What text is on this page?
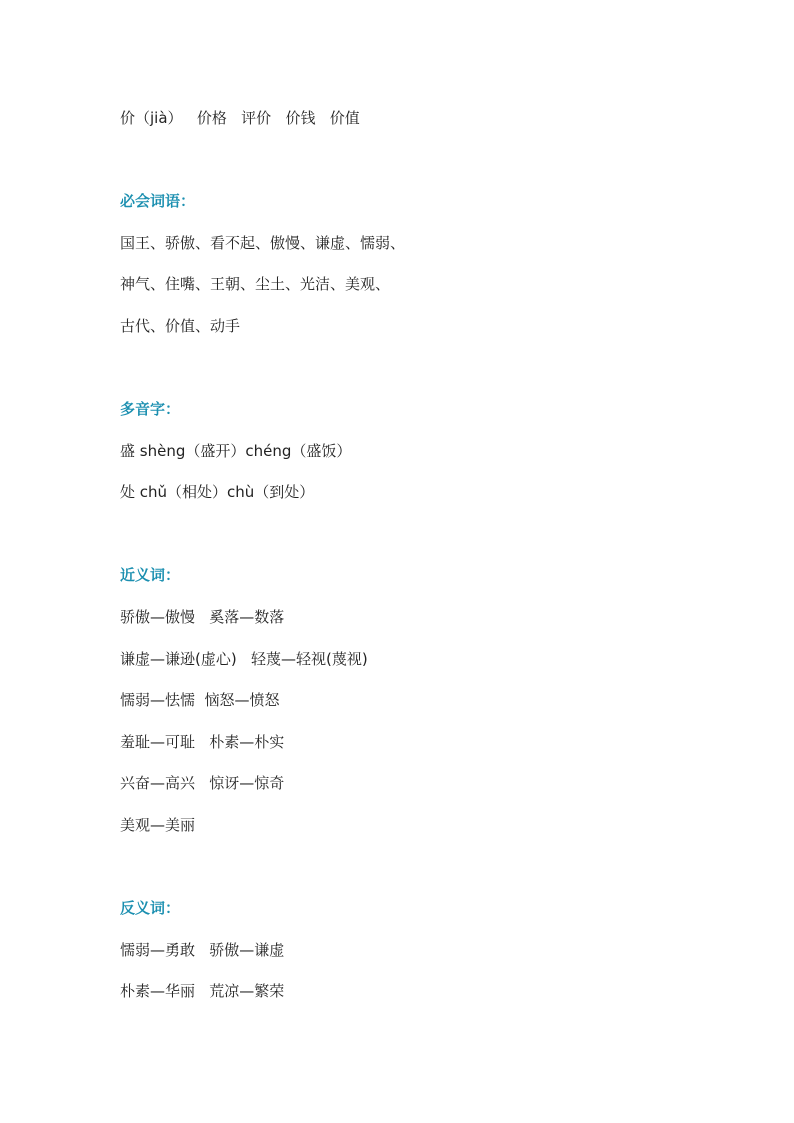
价（jià）   价格   评价   价钱   价值
必会词语：
国王、骄傲、看不起、傲慢、谦虚、懦弱、
神气、住嘴、王朝、尘土、光洁、美观、
古代、价值、动手
多音字：
盛 shèng（盛开）chéng（盛饭）
处 chǔ（相处）chù（到处）
近义词：
骄傲—傲慢   奚落—数落
谦虚—谦逊(虚心)   轻蔑—轻视(蔑视)
懦弱—怯懦  恼怒—愤怒
羞耻—可耻   朴素—朴实
兴奋—高兴   惊讶—惊奇
美观—美丽
反义词：
懦弱—勇敢   骄傲—谦虚
朴素—华丽   荒凉—繁荣
